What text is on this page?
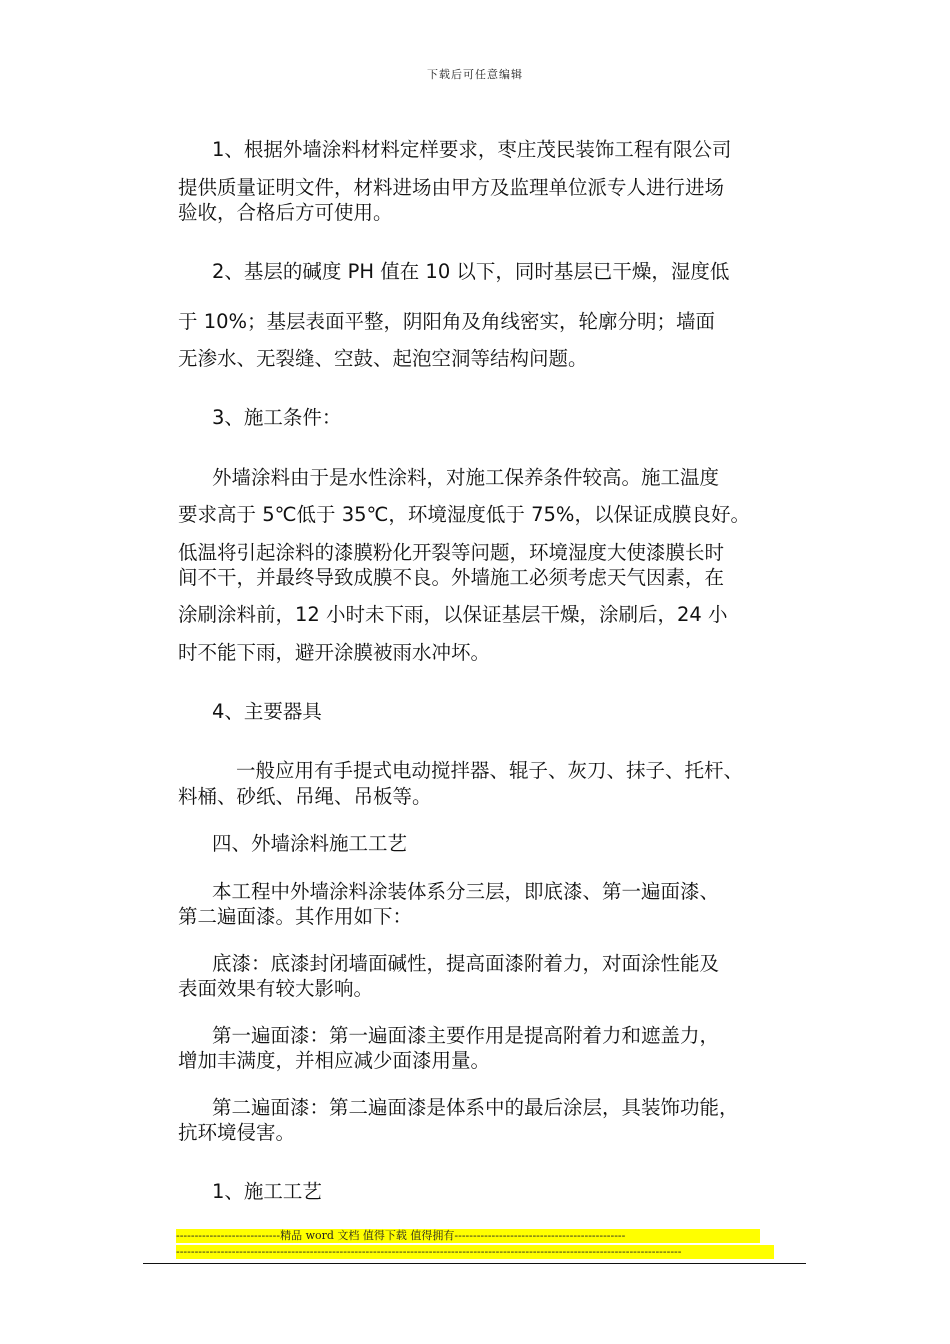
下载后可任意编辑
1、根据外墙涂料材料定样要求，枣庄茂民装饰工程有限公司
提供质量证明文件，材料进场由甲方及监理单位派专人进行进场
验收，合格后方可使用。
2、基层的碱度 PH 值在 10 以下，同时基层已干燥，湿度低
于 10%；基层表面平整，阴阳角及角线密实，轮廓分明；墙面
无渗水、无裂缝、空鼓、起泡空洞等结构问题。
3、施工条件：
外墙涂料由于是水性涂料，对施工保养条件较高。施工温度
要求高于 5℃低于 35℃，环境湿度低于 75%，以保证成膜良好。
低温将引起涂料的漆膜粉化开裂等问题，环境湿度大使漆膜长时
间不干，并最终导致成膜不良。外墙施工必须考虑天气因素，在
涂刷涂料前，12 小时未下雨，以保证基层干燥，涂刷后，24 小
时不能下雨，避开涂膜被雨水冲坏。
4、主要器具
一般应用有手提式电动搅拌器、辊子、灰刀、抹子、托杆、
料桶、砂纸、吊绳、吊板等。
四、外墙涂料施工工艺
本工程中外墙涂料涂装体系分三层，即底漆、第一遍面漆、
第二遍面漆。其作用如下：
底漆：底漆封闭墙面碱性，提高面漆附着力，对面涂性能及
表面效果有较大影响。
第一遍面漆：第一遍面漆主要作用是提高附着力和遮盖力，
增加丰满度，并相应减少面漆用量。
第二遍面漆：第二遍面漆是体系中的最后涂层，具装饰功能，
抗环境侵害。
1、施工工艺
----------------------------精品 word 文档 值得下载 值得拥有----------------------------------------------
----------------------------------------------------------------------------------------------------------------------------------------
